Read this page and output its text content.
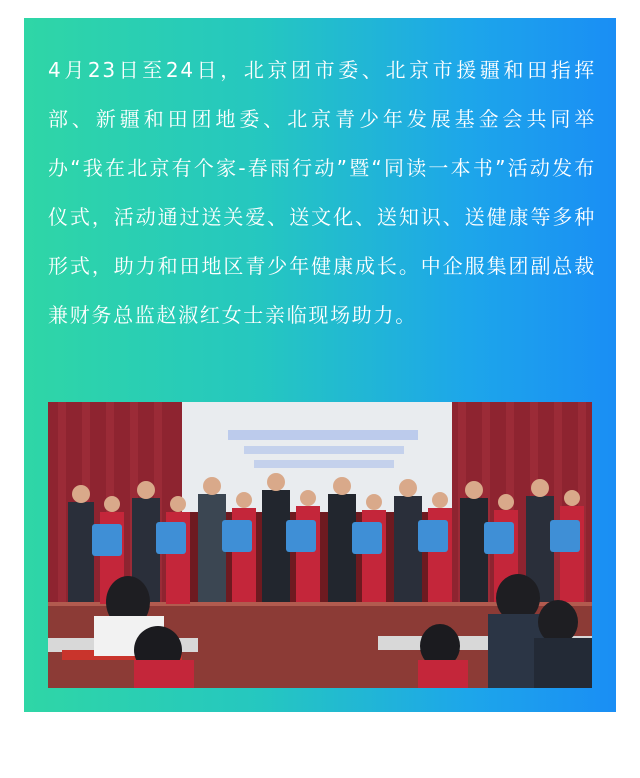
4月23日至24日，北京团市委、北京市援疆和田指挥部、新疆和田团地委、北京青少年发展基金会共同举办“我在北京有个家-春雨行动”暨“同读一本书”活动发布仪式，活动通过送关爱、送文化、送知识、送健康等多种形式，助力和田地区青少年健康成长。中企服集团副总裁兼财务总监赵淑红女士亲临现场助力。
